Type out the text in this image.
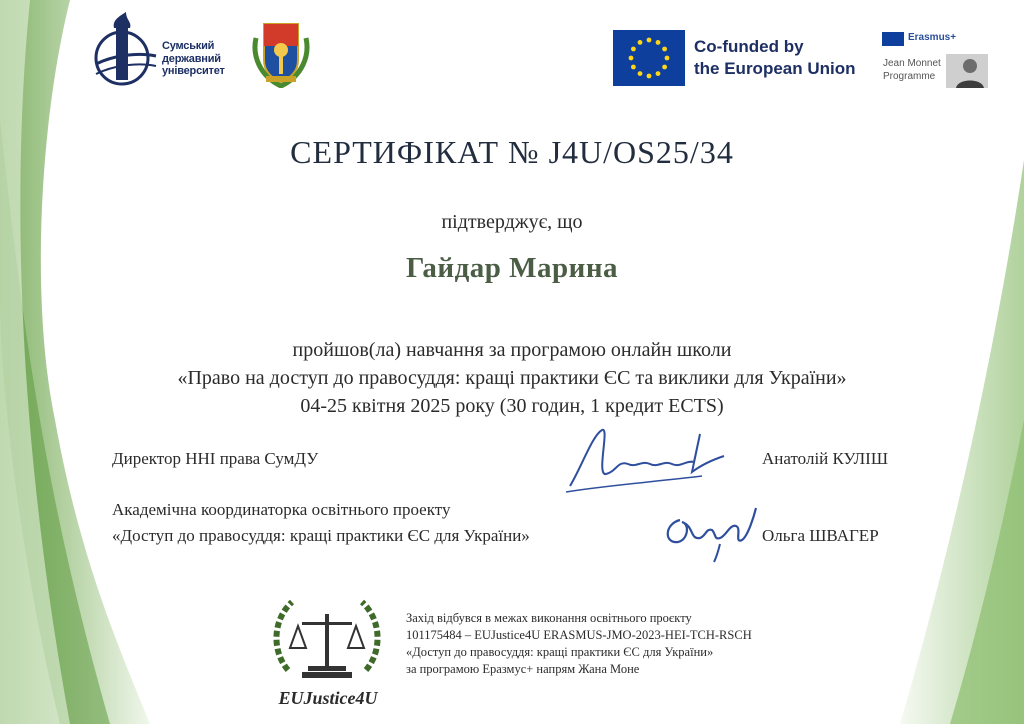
Сумський
державний
університет
Co-funded by
the European Union
Erasmus+
Jean Monnet
Programme
СЕРТИФІКАТ № J4U/OS25/34
підтверджує, що
Гайдар Марина
пройшов(ла) навчання за програмою онлайн школи
«Право на доступ до правосуддя: кращі практики ЄС та виклики для України»
04-25 квітня 2025 року (30 годин, 1 кредит ECTS)
Директор ННІ права СумДУ	Анатолій КУЛІШ
Академічна координаторка освітнього проекту
«Доступ до правосуддя: кращі практики ЄС для України»	Ольга ШВАГЕР
EUJustice4U
Захід відбувся в межах виконання освітнього проєкту
101175484 – EUJustice4U ERASMUS-JMO-2023-HEI-TCH-RSCH
«Доступ до правосуддя: кращі практики ЄС для України»
за програмою Еразмус+ напрям Жана Моне
